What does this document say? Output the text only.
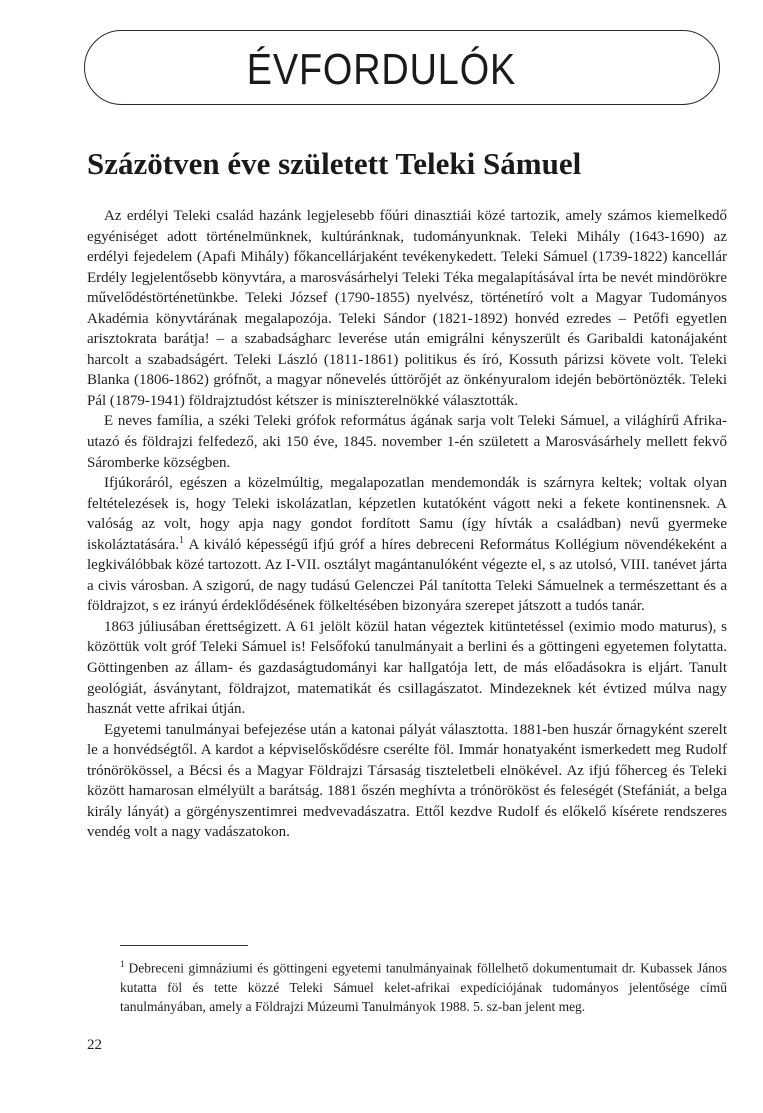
ÉVFORDULÓK
Százötven éve született Teleki Sámuel

Az erdélyi Teleki család hazánk legjelesebb főúri dinasztiái közé tartozik, amely számos kiemelkedő egyéniséget adott történelmünknek, kultúránknak, tudományunknak. Teleki Mihály (1643-1690) az erdélyi fejedelem (Apafi Mihály) főkancellárjaként tevékenykedett. Teleki Sámuel (1739-1822) kancellár Erdély legjelentősebb könyvtára, a marosvásárhelyi Teleki Téka megalapításával írta be nevét mindörökre művelődéstörténetünkbe. Teleki József (1790-1855) nyelvész, történetíró volt a Magyar Tudományos Akadémia könyvtárának megalapozója. Teleki Sándor (1821-1892) honvéd ezredes – Petőfi egyetlen arisztokrata barátja! – a szabadságharc leverése után emigrálni kényszerült és Garibaldi katonájaként harcolt a szabadságért. Teleki László (1811-1861) politikus és író, Kossuth párizsi követe volt. Teleki Blanka (1806-1862) grófnőt, a magyar nőnevelés úttörőjét az önkényuralom idején bebörtönözték. Teleki Pál (1879-1941) földrajztudóst kétszer is miniszterelnökké választották.

E neves família, a széki Teleki grófok református ágának sarja volt Teleki Sámuel, a világhírű Afrika-utazó és földrajzi felfedező, aki 150 éve, 1845. november 1-én született a Marosvásárhely mellett fekvő Sáromberke községben.

Ifjúkoráról, egészen a közelmúltig, megalapozatlan mendemondák is szárnyra keltek; voltak olyan feltételezések is, hogy Teleki iskolázatlan, képzetlen kutatóként vágott neki a fekete kontinensnek. A valóság az volt, hogy apja nagy gondot fordított Samu (így hívták a családban) nevű gyermeke iskoláztatására.$^1$ A kiváló képességű ifjú gróf a híres debreceni Református Kollégium növendékeként a legkiválóbbak közé tartozott. Az I-VII. osztályt magántanulóként végezte el, s az utolsó, VIII. tanévet járta a civis városban. A szigorú, de nagy tudású Gelenczei Pál tanította Teleki Sámuelnek a természettant és a földrajzot, s ez irányú érdeklődésének fölkeltésében bizonyára szerepet játszott a tudós tanár.

1863 júliusában érettségizett. A 61 jelölt közül hatan végeztek kitüntetéssel (eximio modo maturus), s közöttük volt gróf Teleki Sámuel is! Felsőfokú tanulmányait a berlini és a göttingeni egyetemen folytatta. Göttingenben az állam- és gazdaságtudományi kar hallgatója lett, de más előadásokra is eljárt. Tanult geológiát, ásványtant, földrajzot, matematikát és csillagászatot. Mindezeknek két évtized múlva nagy hasznát vette afrikai útján.

Egyetemi tanulmányai befejezése után a katonai pályát választotta. 1881-ben huszár őrnagyként szerelt le a honvédségtől. A kardot a képviselőskődésre cserélte föl. Immár honatyaként ismerkedett meg Rudolf trónörökössel, a Bécsi és a Magyar Földrajzi Társaság tiszteletbeli elnökével. Az ifjú főherceg és Teleki között hamarosan elmélyült a barátság. 1881 őszén meghívta a trónörököst és feleségét (Stefániát, a belga király lányát) a görgényszentimrei medvevadászatra. Ettől kezdve Rudolf és előkelő kísérete rendszeres vendég volt a nagy vadászatokon.

$^1$ Debreceni gimnáziumi és göttingeni egyetemi tanulmányainak föllelhető dokumentumait dr. Kubassek János kutatta föl és tette közzé Teleki Sámuel kelet-afrikai expedíciójának tudományos jelentősége című tanulmányában, amely a Földrajzi Múzeumi Tanulmányok 1988. 5. sz-ban jelent meg.
22
